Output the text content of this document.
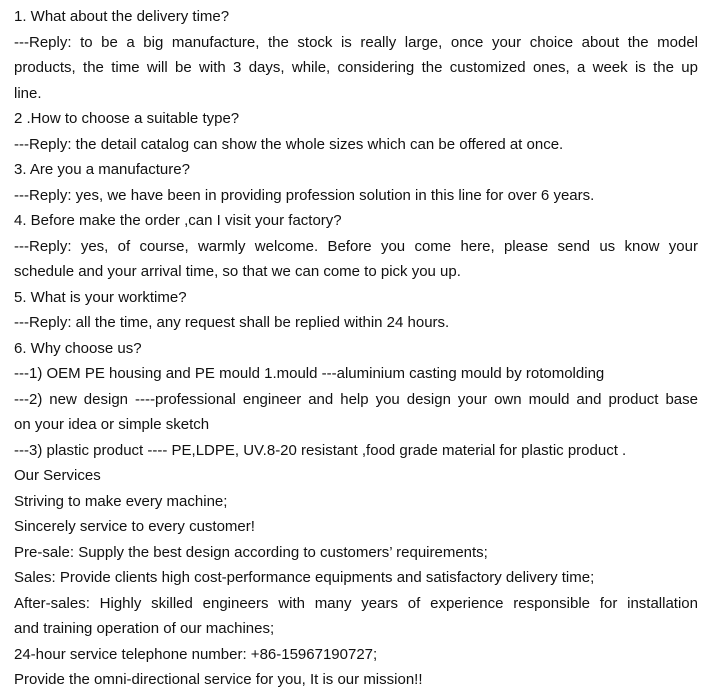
1. What about the delivery time?
---Reply: to be a big manufacture, the stock is really large, once your choice about the model
products, the time will be with 3 days, while, considering the customized ones, a week is the up
line.
2 .How to choose a suitable type?
---Reply: the detail catalog can show the whole sizes which can be offered at once.
3. Are you a manufacture?
---Reply: yes, we have been in providing profession solution in this line for over 6 years.
4. Before make the order ,can I visit your factory?
---Reply: yes, of course, warmly welcome. Before you come here, please send us know your
schedule and your arrival time, so that we can come to pick you up.
5. What is your worktime?
---Reply: all the time, any request shall be replied within 24 hours.
6. Why choose us?
---1) OEM PE housing and PE mould 1.mould ---aluminium casting mould by rotomolding
---2) new design ----professional engineer and help you design your own mould and product base
on your idea or simple sketch
---3) plastic product ---- PE,LDPE, UV.8-20 resistant ,food grade material for plastic product .
Our Services
Striving to make every machine;
Sincerely service to every customer!
Pre-sale: Supply the best design according to customers’ requirements;
Sales: Provide clients high cost-performance equipments and satisfactory delivery time;
After-sales: Highly skilled engineers with many years of experience responsible for installation
and training operation of our machines;
24-hour service telephone number: +86-15967190727;
Provide the omni-directional service for you, It is our mission!!
